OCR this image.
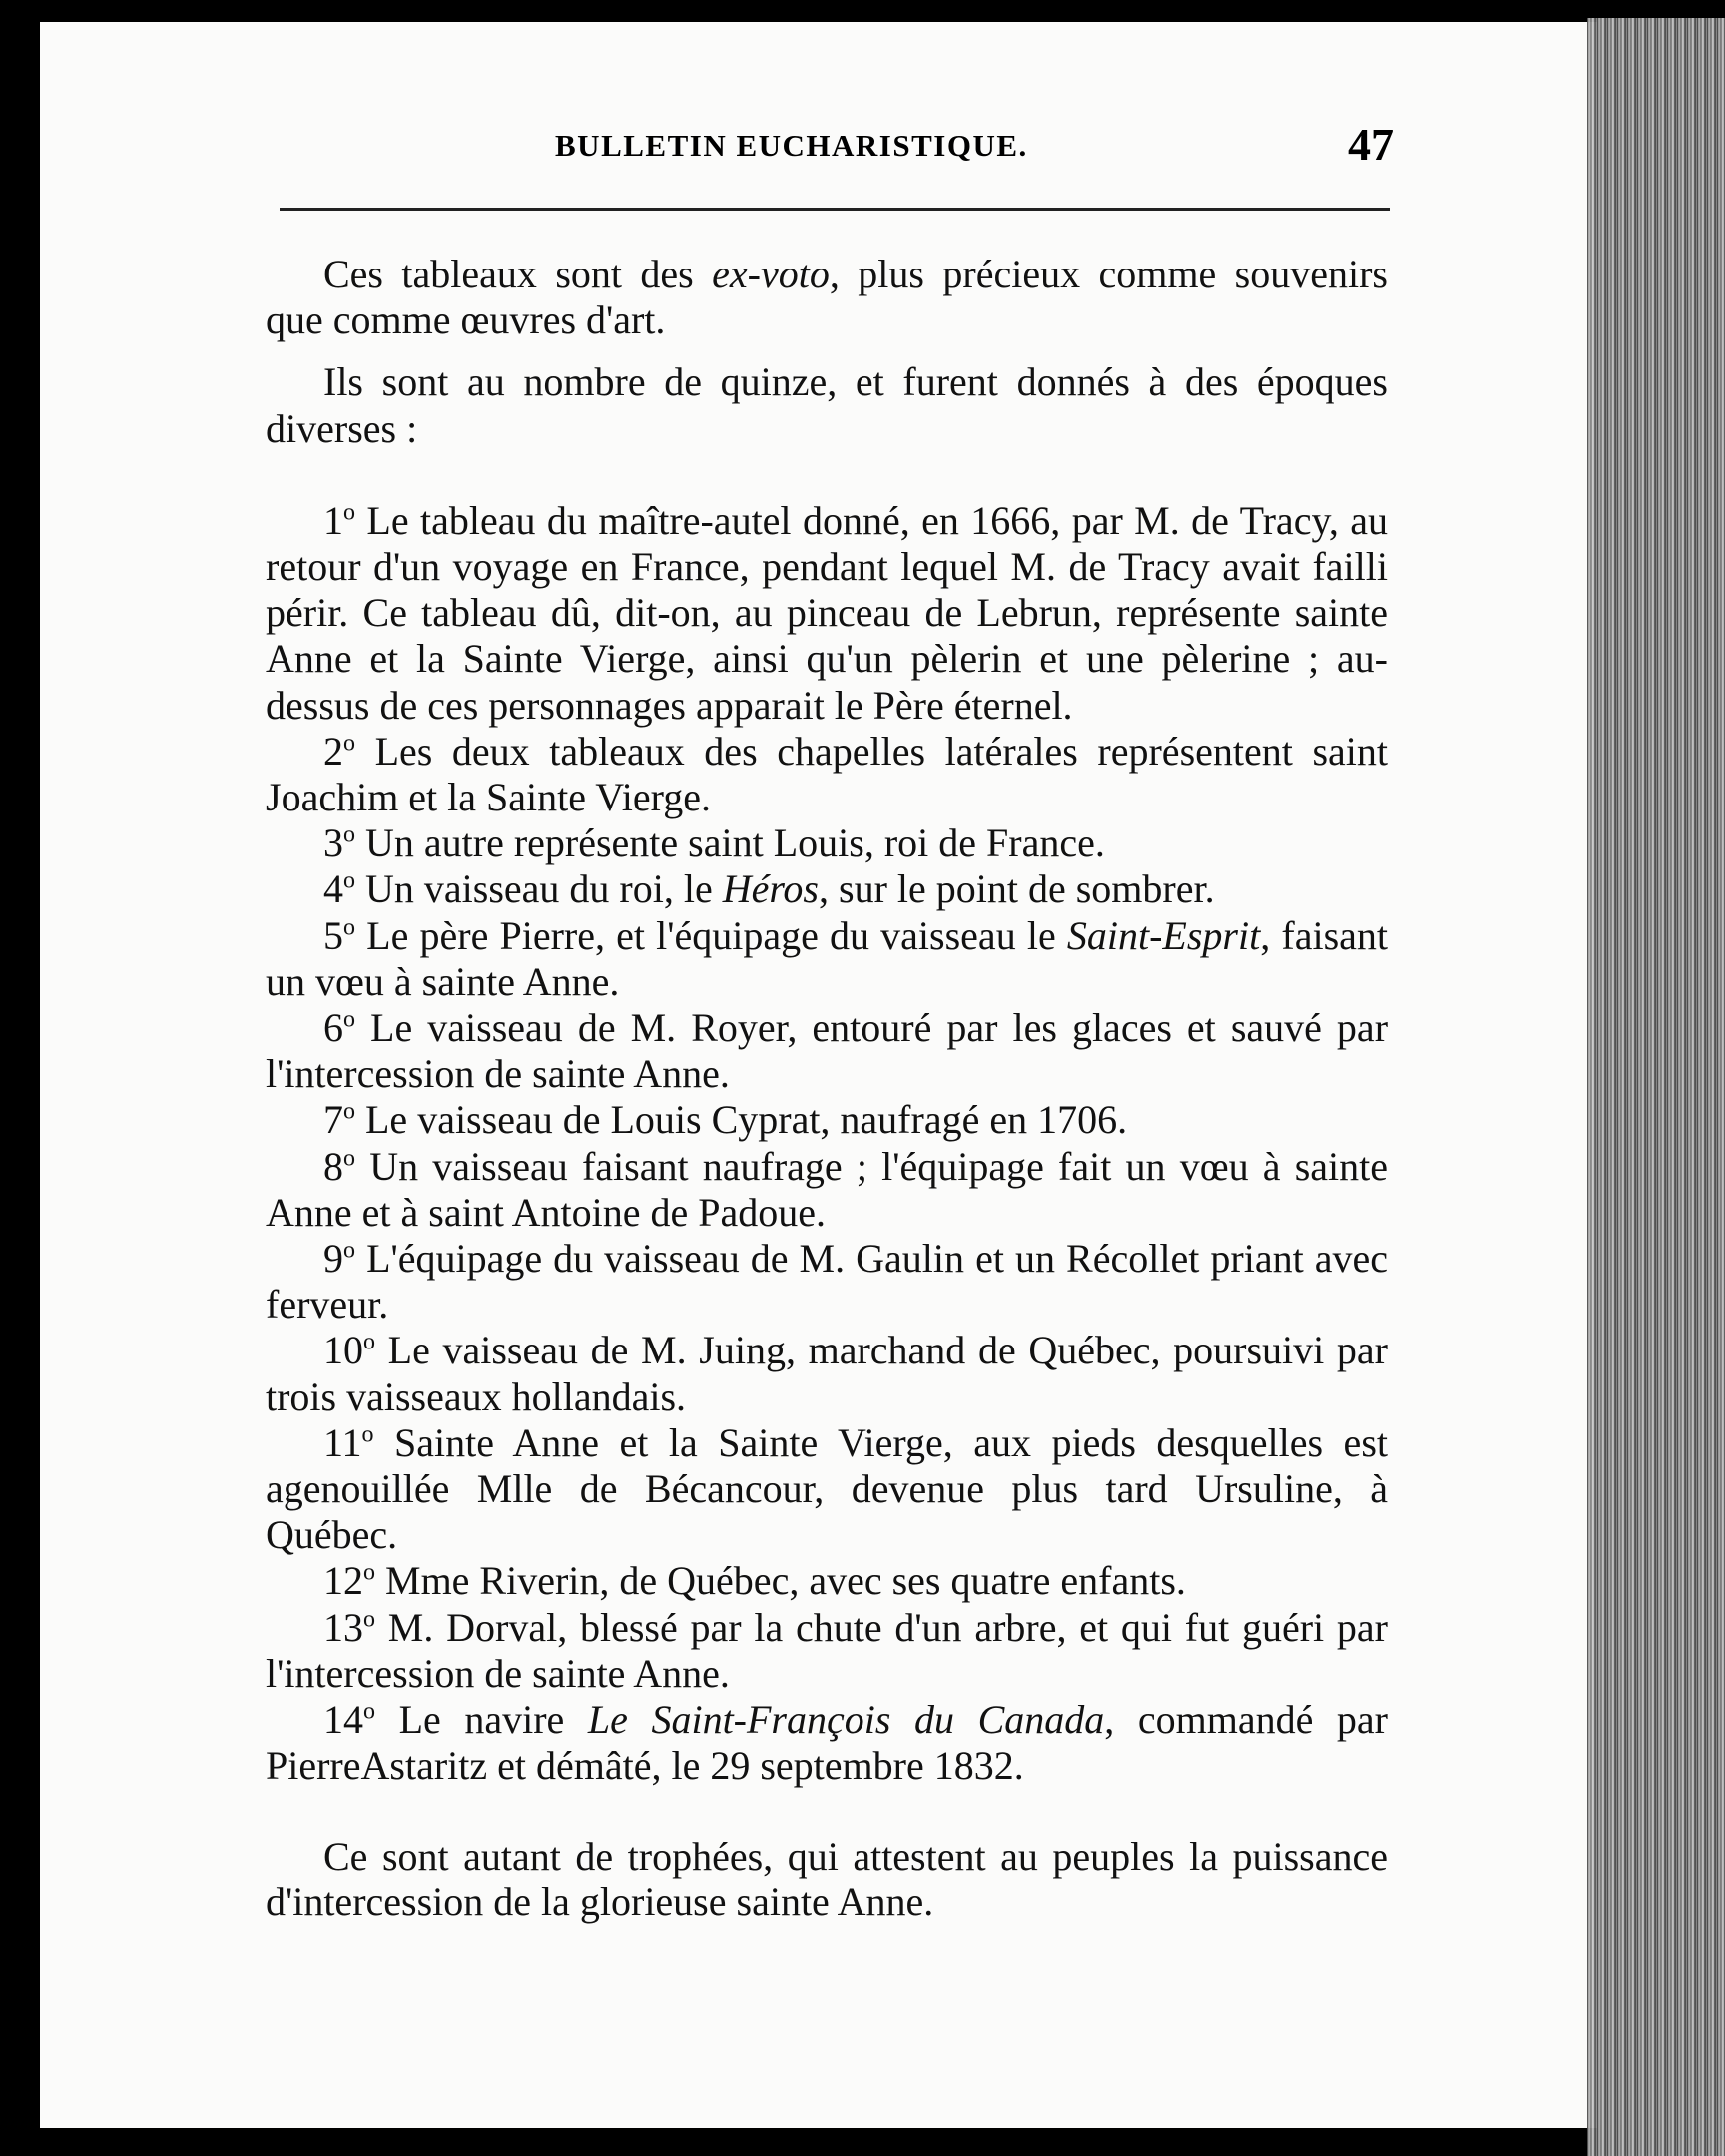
BULLETIN EUCHARISTIQUE.	47

Ces tableaux sont des ex-voto, plus précieux comme souvenirs que comme œuvres d'art.

Ils sont au nombre de quinze, et furent donnés à des époques diverses :

1$^o$ Le tableau du maître-autel donné, en 1666, par M. de Tracy, au retour d'un voyage en France, pendant lequel M. de Tracy avait failli périr. Ce tableau dû, dit-on, au pinceau de Lebrun, représente sainte Anne et la Sainte Vierge, ainsi qu'un pèlerin et une pèlerine ; au-dessus de ces personnages apparait le Père éternel.

2$^o$ Les deux tableaux des chapelles latérales représentent saint Joachim et la Sainte Vierge.

3$^o$ Un autre représente saint Louis, roi de France.

4$^o$ Un vaisseau du roi, le Héros, sur le point de sombrer.

5$^o$ Le père Pierre, et l'équipage du vaisseau le Saint-Esprit, faisant un vœu à sainte Anne.

6$^o$ Le vaisseau de M. Royer, entouré par les glaces et sauvé par l'intercession de sainte Anne.

7$^o$ Le vaisseau de Louis Cyprat, naufragé en 1706.

8$^o$ Un vaisseau faisant naufrage ; l'équipage fait un vœu à sainte Anne et à saint Antoine de Padoue.

9$^o$ L'équipage du vaisseau de M. Gaulin et un Récollet priant avec ferveur.

10$^o$ Le vaisseau de M. Juing, marchand de Québec, poursuivi par trois vaisseaux hollandais.

11$^o$ Sainte Anne et la Sainte Vierge, aux pieds desquelles est agenouillée Mlle de Bécancour, devenue plus tard Ursuline, à Québec.

12$^o$ Mme Riverin, de Québec, avec ses quatre enfants.

13$^o$ M. Dorval, blessé par la chute d'un arbre, et qui fut guéri par l'intercession de sainte Anne.

14$^o$ Le navire Le Saint-François du Canada, commandé par PierreAstaritz et démâté, le 29 septembre 1832.

Ce sont autant de trophées, qui attestent au peuples la puissance d'intercession de la glorieuse sainte Anne.
